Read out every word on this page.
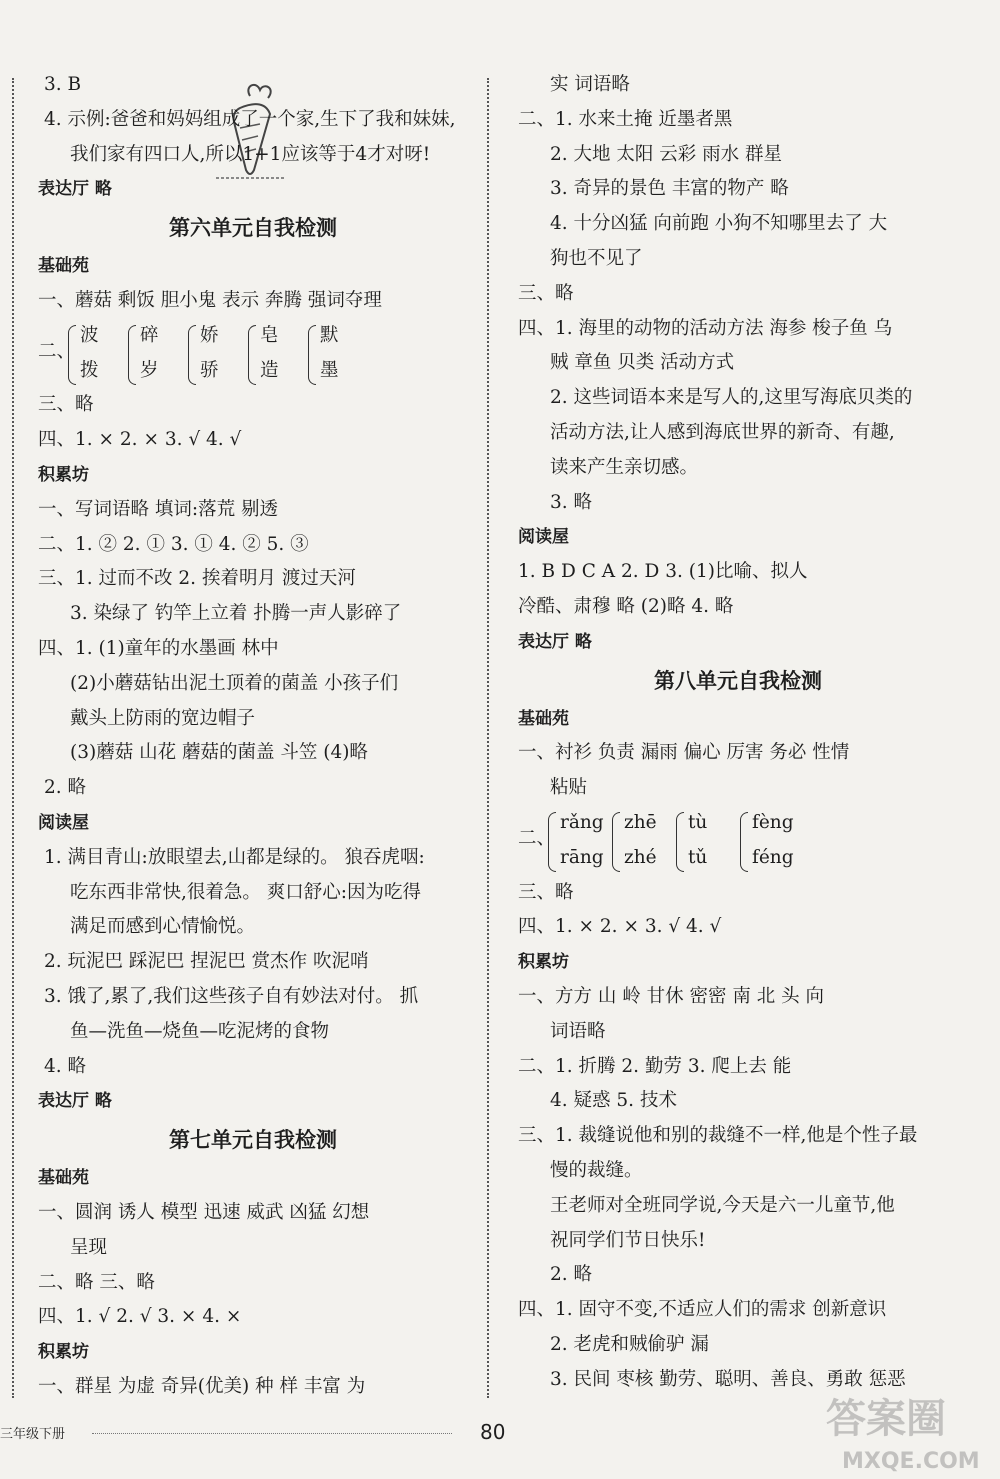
3. B
4. 示例:爸爸和妈妈组成了一个家,生下了我和妹妹,
我们家有四口人,所以1+1应该等于4才对呀!
表达厅 略
第六单元自我检测
基础苑
一、蘑菇 剩饭 胆小鬼 表示 奔腾 强词夺理
二、
波
拨
碎
岁
娇
骄
皂
造
默
墨
三、略
四、1. × 2. × 3. √ 4. √
积累坊
一、写词语略 填词:落荒 剔透
二、1. ② 2. ① 3. ① 4. ② 5. ③
三、1. 过而不改 2. 挨着明月 渡过天河
3. 染绿了 钓竿上立着 扑腾一声人影碎了
四、1. (1)童年的水墨画 林中
(2)小蘑菇钻出泥土顶着的菌盖 小孩子们
戴头上防雨的宽边帽子
(3)蘑菇 山花 蘑菇的菌盖 斗笠 (4)略
2. 略
阅读屋
1. 满目青山:放眼望去,山都是绿的。 狼吞虎咽:
吃东西非常快,很着急。 爽口舒心:因为吃得
满足而感到心情愉悦。
2. 玩泥巴 踩泥巴 捏泥巴 赏杰作 吹泥哨
3. 饿了,累了,我们这些孩子自有妙法对付。 抓
鱼—洗鱼—烧鱼—吃泥烤的食物
4. 略
表达厅 略
第七单元自我检测
基础苑
一、圆润 诱人 模型 迅速 威武 凶猛 幻想
呈现
二、略 三、略
四、1. √ 2. √ 3. × 4. ×
积累坊
一、群星 为虚 奇异(优美) 种 样 丰富 为
实 词语略
二、1. 水来土掩 近墨者黑
2. 大地 太阳 云彩 雨水 群星
3. 奇异的景色 丰富的物产 略
4. 十分凶猛 向前跑 小狗不知哪里去了 大
狗也不见了
三、略
四、1. 海里的动物的活动方法 海参 梭子鱼 乌
贼 章鱼 贝类 活动方式
2. 这些词语本来是写人的,这里写海底贝类的
活动方法,让人感到海底世界的新奇、有趣,
读来产生亲切感。
3. 略
阅读屋
1. B D C A 2. D 3. (1)比喻、拟人
冷酷、肃穆 略 (2)略 4. 略
表达厅 略
第八单元自我检测
基础苑
一、衬衫 负责 漏雨 偏心 厉害 务必 性情
粘贴
二、
rǎng
rāng
zhē
zhé
tù
tǔ
fèng
féng
三、略
四、1. × 2. × 3. √ 4. √
积累坊
一、方方 山 岭 甘休 密密 南 北 头 向
词语略
二、1. 折腾 2. 勤劳 3. 爬上去 能
4. 疑惑 5. 技术
三、1. 裁缝说他和别的裁缝不一样,他是个性子最
慢的裁缝。
王老师对全班同学说,今天是六一儿童节,他
祝同学们节日快乐!
2. 略
四、1. 固守不变,不适应人们的需求 创新意识
2. 老虎和贼偷驴 漏
3. 民间 枣核 勤劳、聪明、善良、勇敢 惩恶
三年级下册	80	答案圈
MXQE.COM
